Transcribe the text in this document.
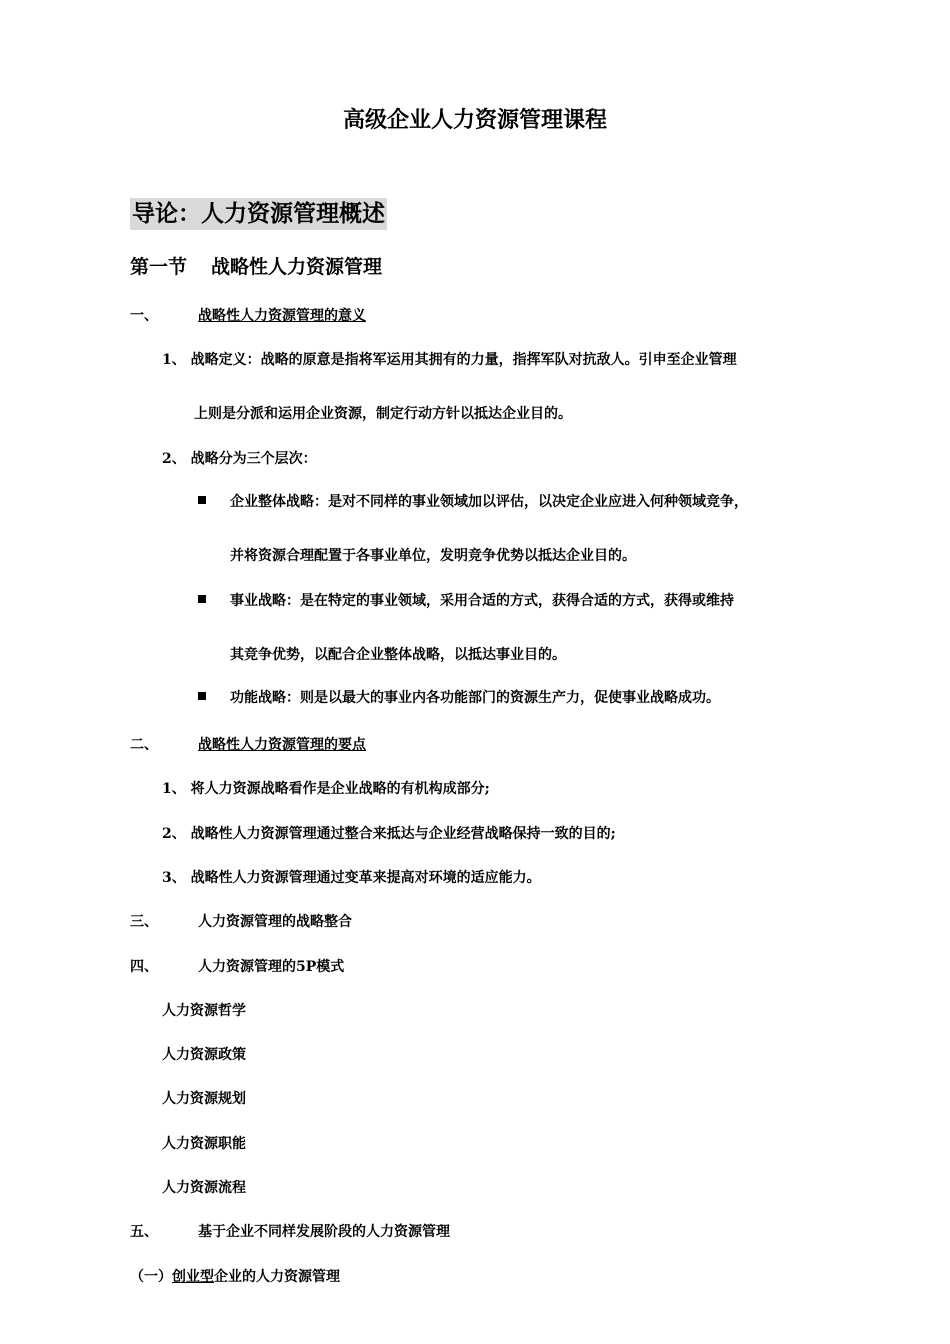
高级企业人力资源管理课程
导论：人力资源管理概述
第一节 战略性人力资源管理
一、	战略性人力资源管理的意义
1、 战略定义：战略的原意是指将军运用其拥有的力量，指挥军队对抗敌人。引申至企业管理
上则是分派和运用企业资源，制定行动方针以抵达企业目的。
2、 战略分为三个层次：
企业整体战略：是对不同样的事业领域加以评估，以决定企业应进入何种领域竞争，
并将资源合理配置于各事业单位，发明竞争优势以抵达企业目的。
事业战略：是在特定的事业领域，采用合适的方式，获得合适的方式，获得或维持
其竞争优势，以配合企业整体战略，以抵达事业目的。
功能战略：则是以最大的事业内各功能部门的资源生产力，促使事业战略成功。
二、	战略性人力资源管理的要点
1、 将人力资源战略看作是企业战略的有机构成部分;
2、 战略性人力资源管理通过整合来抵达与企业经营战略保持一致的目的;
3、 战略性人力资源管理通过变革来提高对环境的适应能力。
三、	人力资源管理的战略整合
四、	人力资源管理的5P模式
人力资源哲学
人力资源政策
人力资源规划
人力资源职能
人力资源流程
五、	基于企业不同样发展阶段的人力资源管理
（一）创业型企业的人力资源管理
